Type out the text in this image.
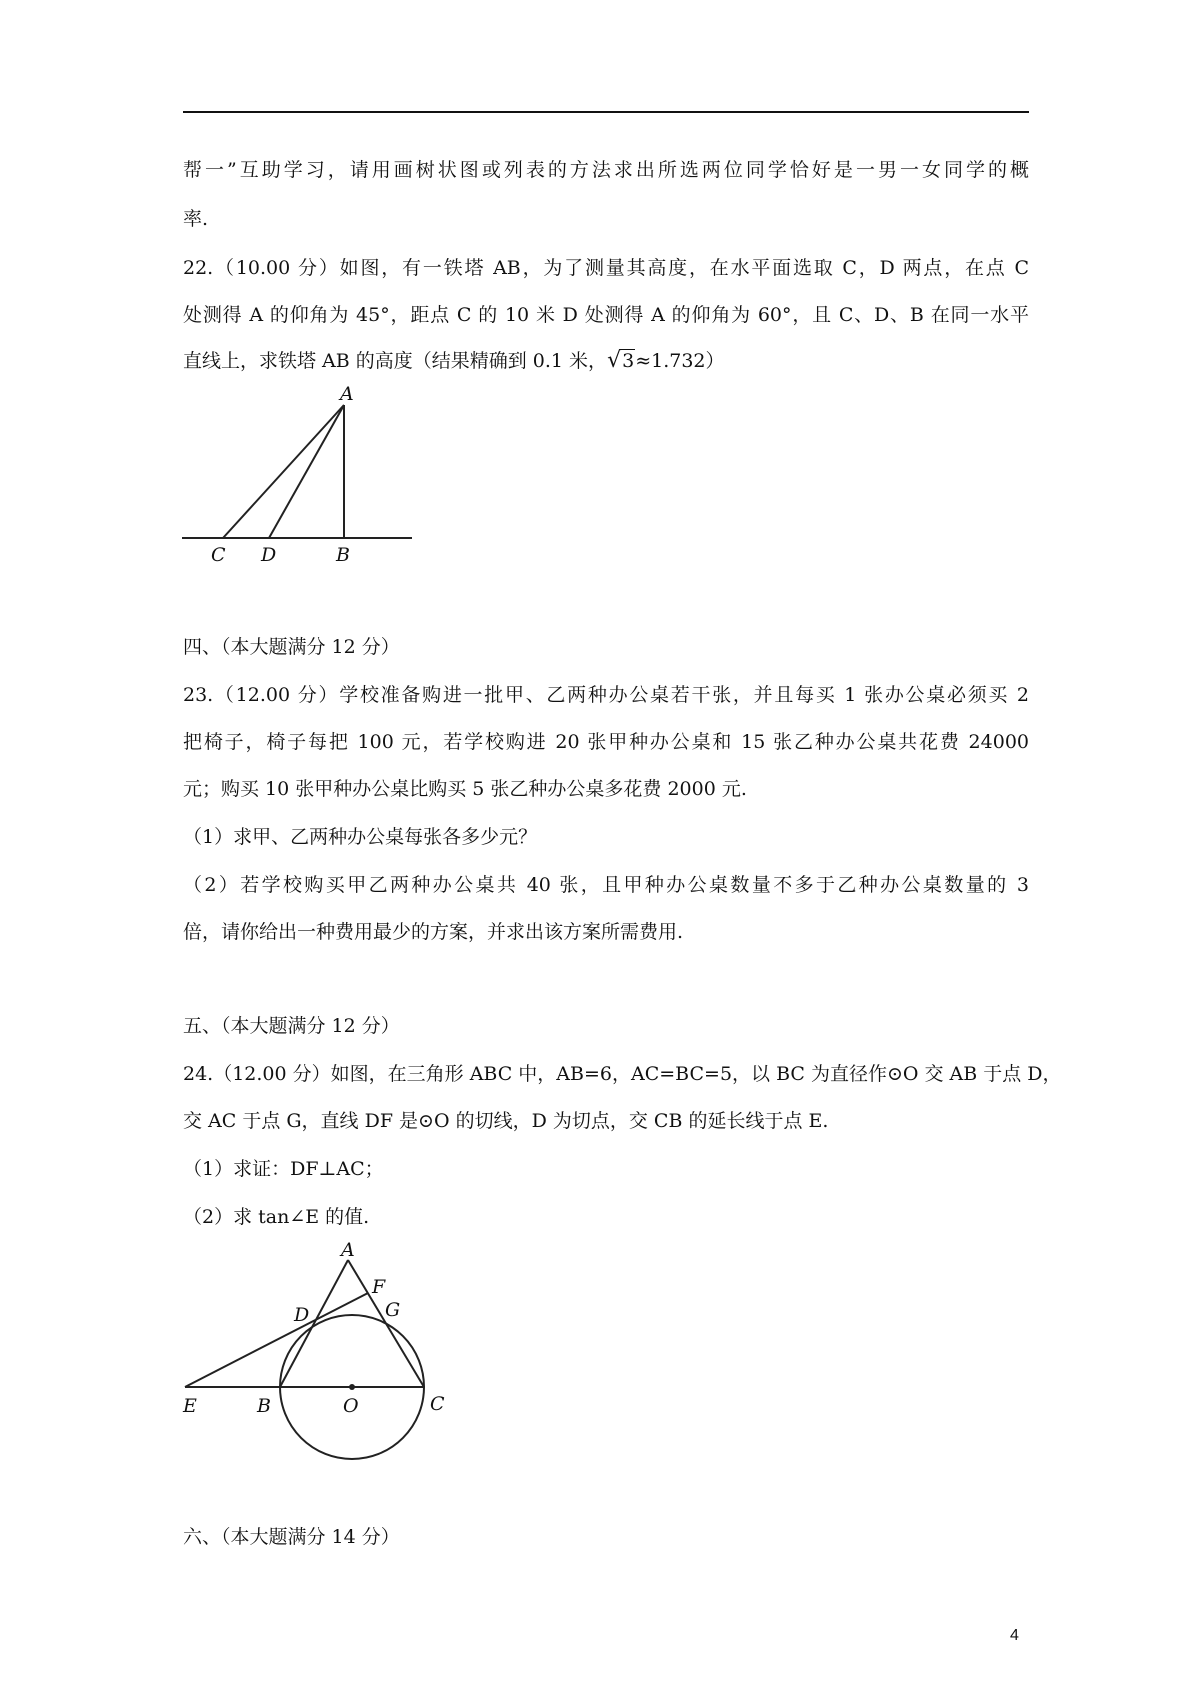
帮一”互助学习，请用画树状图或列表的方法求出所选两位同学恰好是一男一女同学的概
率.
22.（10.00 分）如图，有一铁塔 AB，为了测量其高度，在水平面选取 C，D 两点，在点 C
处测得 A 的仰角为 45°，距点 C 的 10 米 D 处测得 A 的仰角为 60°，且 C、D、B 在同一水平
直线上，求铁塔 AB 的高度（结果精确到 0.1 米，√3≈1.732）
A
C D	B
四、（本大题满分 12 分）
23.（12.00 分）学校准备购进一批甲、乙两种办公桌若干张，并且每买 1 张办公桌必须买 2
把椅子，椅子每把 100 元，若学校购进 20 张甲种办公桌和 15 张乙种办公桌共花费 24000
元；购买 10 张甲种办公桌比购买 5 张乙种办公桌多花费 2000 元.
（1）求甲、乙两种办公桌每张各多少元？
（2）若学校购买甲乙两种办公桌共 40 张，且甲种办公桌数量不多于乙种办公桌数量的 3
倍，请你给出一种费用最少的方案，并求出该方案所需费用.
五、（本大题满分 12 分）
24.（12.00 分）如图，在三角形 ABC 中，AB=6，AC=BC=5，以 BC 为直径作⊙O 交 AB 于点 D，
交 AC 于点 G，直线 DF 是⊙O 的切线，D 为切点，交 CB 的延长线于点 E.
（1）求证：DF⊥AC；
（2）求 tan∠E 的值.
A
F
D	G
E	B	O	C
六、（本大题满分 14 分）
4
